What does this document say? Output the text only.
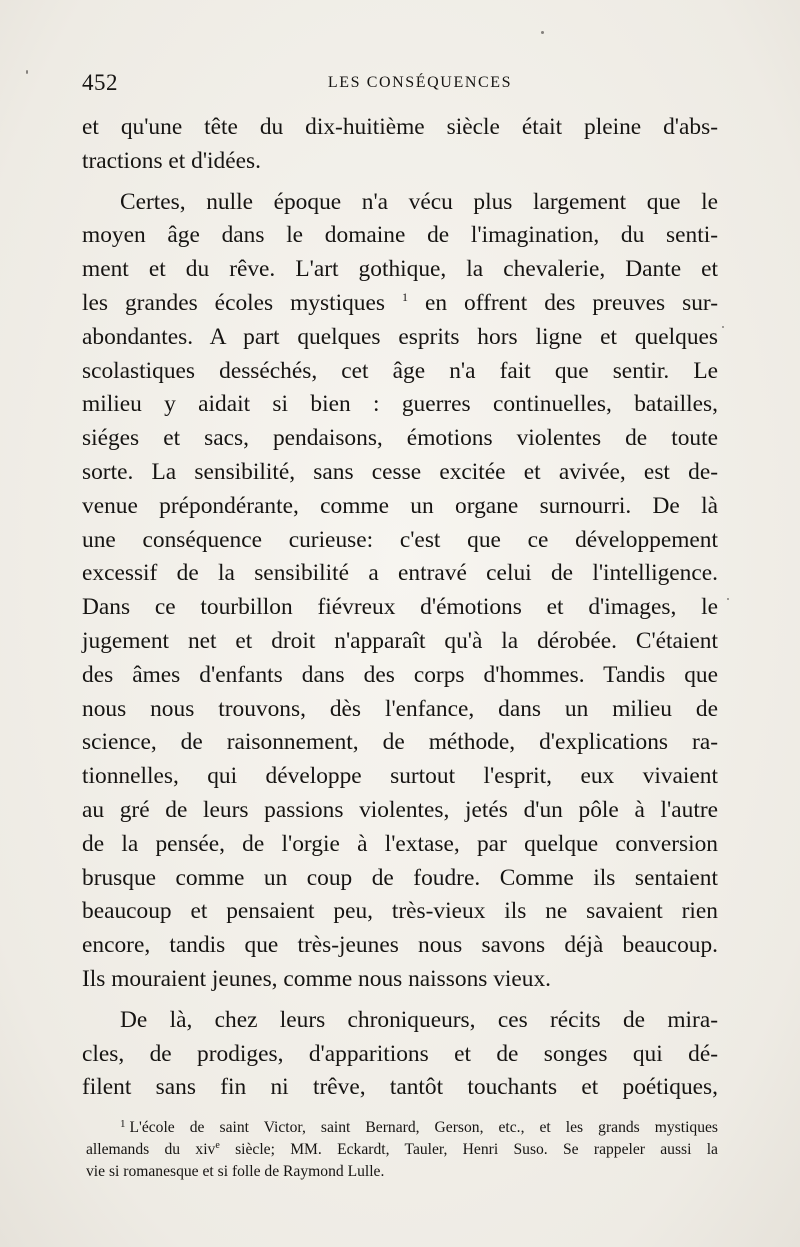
452	LES CONSÉQUENCES
et qu'une tête du dix-huitième siècle était pleine d'abs-
tractions et d'idées.
Certes, nulle époque n'a vécu plus largement que le
moyen âge dans le domaine de l'imagination, du senti-
ment et du rêve. L'art gothique, la chevalerie, Dante et
les grandes écoles mystiques $^1$ en offrent des preuves sur-
abondantes. A part quelques esprits hors ligne et quelques
scolastiques desséchés, cet âge n'a fait que sentir. Le
milieu y aidait si bien : guerres continuelles, batailles,
siéges et sacs, pendaisons, émotions violentes de toute
sorte. La sensibilité, sans cesse excitée et avivée, est de-
venue prépondérante, comme un organe surnourri. De là
une conséquence curieuse: c'est que ce développement
excessif de la sensibilité a entravé celui de l'intelligence.
Dans ce tourbillon fiévreux d'émotions et d'images, le
jugement net et droit n'apparaît qu'à la dérobée. C'étaient
des âmes d'enfants dans des corps d'hommes. Tandis que
nous nous trouvons, dès l'enfance, dans un milieu de
science, de raisonnement, de méthode, d'explications ra-
tionnelles, qui développe surtout l'esprit, eux vivaient
au gré de leurs passions violentes, jetés d'un pôle à l'autre
de la pensée, de l'orgie à l'extase, par quelque conversion
brusque comme un coup de foudre. Comme ils sentaient
beaucoup et pensaient peu, très-vieux ils ne savaient rien
encore, tandis que très-jeunes nous savons déjà beaucoup.
Ils mouraient jeunes, comme nous naissons vieux.
De là, chez leurs chroniqueurs, ces récits de mira-
cles, de prodiges, d'apparitions et de songes qui dé-
filent sans fin ni trêve, tantôt touchants et poétiques,
$^1$ L'école de saint Victor, saint Bernard, Gerson, etc., et les grands mystiques
allemands du xiv$^e$ siècle; MM. Eckardt, Tauler, Henri Suso. Se rappeler aussi la
vie si romanesque et si folle de Raymond Lulle.
